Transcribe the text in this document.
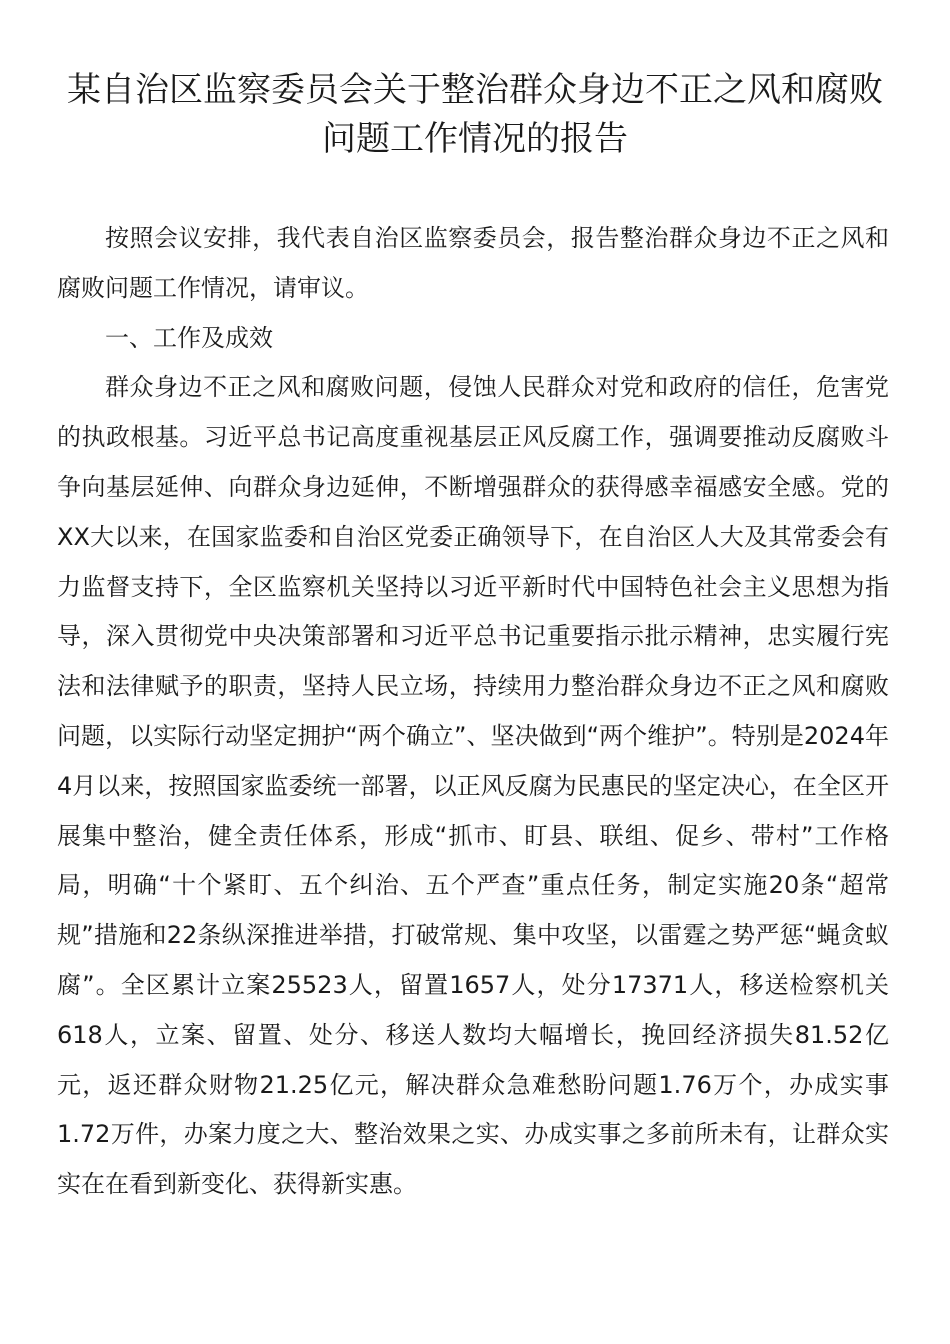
某自治区监察委员会关于整治群众身边不正之风和腐败问题工作情况的报告

按照会议安排，我代表自治区监察委员会，报告整治群众身边不正之风和腐败问题工作情况，请审议。

一、工作及成效

群众身边不正之风和腐败问题，侵蚀人民群众对党和政府的信任，危害党的执政根基。习近平总书记高度重视基层正风反腐工作，强调要推动反腐败斗争向基层延伸、向群众身边延伸，不断增强群众的获得感幸福感安全感。党的XX大以来，在国家监委和自治区党委正确领导下，在自治区人大及其常委会有力监督支持下，全区监察机关坚持以习近平新时代中国特色社会主义思想为指导，深入贯彻党中央决策部署和习近平总书记重要指示批示精神，忠实履行宪法和法律赋予的职责，坚持人民立场，持续用力整治群众身边不正之风和腐败问题，以实际行动坚定拥护“两个确立”、坚决做到“两个维护”。特别是2024年4月以来，按照国家监委统一部署，以正风反腐为民惠民的坚定决心，在全区开展集中整治，健全责任体系，形成“抓市、盯县、联组、促乡、带村”工作格局，明确“十个紧盯、五个纠治、五个严查”重点任务，制定实施20条“超常规”措施和22条纵深推进举措，打破常规、集中攻坚，以雷霆之势严惩“蝇贪蚁腐”。全区累计立案25523人，留置1657人，处分17371人，移送检察机关618人，立案、留置、处分、移送人数均大幅增长，挽回经济损失81.52亿元，返还群众财物21.25亿元，解决群众急难愁盼问题1.76万个，办成实事1.72万件，办案力度之大、整治效果之实、办成实事之多前所未有，让群众实实在在看到新变化、获得新实惠。
